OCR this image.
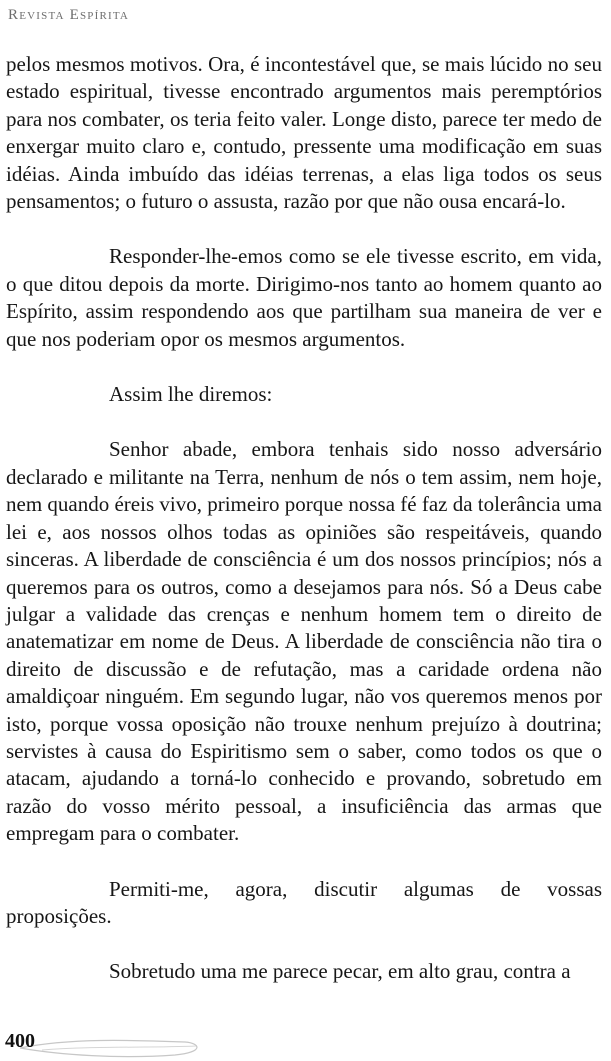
Revista Espírita

pelos mesmos motivos. Ora, é incontestável que, se mais lúcido no seu estado espiritual, tivesse encontrado argumentos mais peremptórios para nos combater, os teria feito valer. Longe disto, parece ter medo de enxergar muito claro e, contudo, pressente uma modificação em suas idéias. Ainda imbuído das idéias terrenas, a elas liga todos os seus pensamentos; o futuro o assusta, razão por que não ousa encará-lo.

Responder-lhe-emos como se ele tivesse escrito, em vida, o que ditou depois da morte. Dirigimo-nos tanto ao homem quanto ao Espírito, assim respondendo aos que partilham sua maneira de ver e que nos poderiam opor os mesmos argumentos.

Assim lhe diremos:

Senhor abade, embora tenhais sido nosso adversário declarado e militante na Terra, nenhum de nós o tem assim, nem hoje, nem quando éreis vivo, primeiro porque nossa fé faz da tolerância uma lei e, aos nossos olhos todas as opiniões são respeitáveis, quando sinceras. A liberdade de consciência é um dos nossos princípios; nós a queremos para os outros, como a desejamos para nós. Só a Deus cabe julgar a validade das crenças e nenhum homem tem o direito de anatematizar em nome de Deus. A liberdade de consciência não tira o direito de discussão e de refutação, mas a caridade ordena não amaldiçoar ninguém. Em segundo lugar, não vos queremos menos por isto, porque vossa oposição não trouxe nenhum prejuízo à doutrina; servistes à causa do Espiritismo sem o saber, como todos os que o atacam, ajudando a torná-lo conhecido e provando, sobretudo em razão do vosso mérito pessoal, a insuficiência das armas que empregam para o combater.

Permiti-me, agora, discutir algumas de vossas proposições.

Sobretudo uma me parece pecar, em alto grau, contra a

400
